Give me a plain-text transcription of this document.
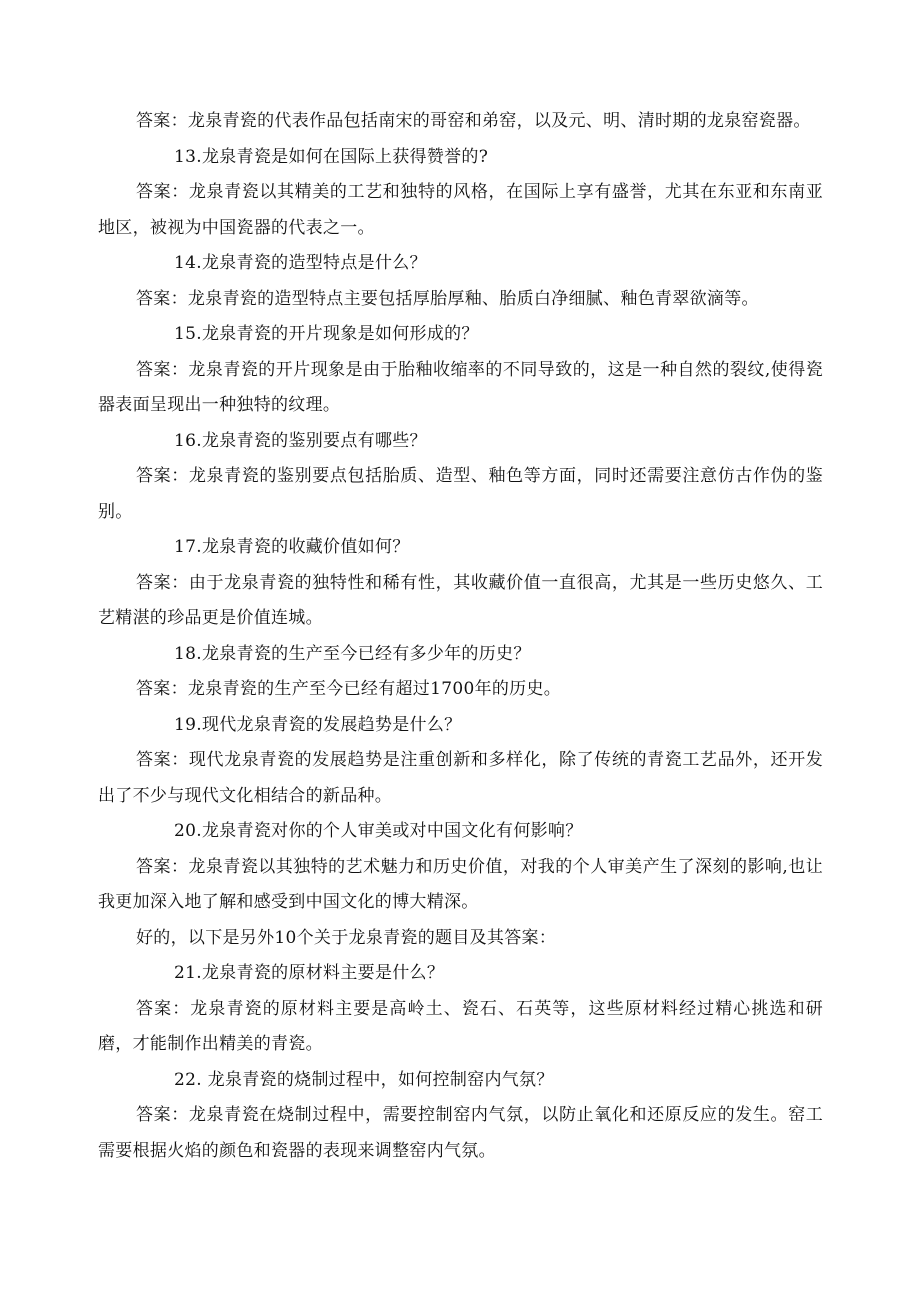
答案：龙泉青瓷的代表作品包括南宋的哥窑和弟窑，以及元、明、清时期的龙泉窑瓷器。

13.龙泉青瓷是如何在国际上获得赞誉的?

答案：龙泉青瓷以其精美的工艺和独特的风格，在国际上享有盛誉，尤其在东亚和东南亚地区，被视为中国瓷器的代表之一。

14.龙泉青瓷的造型特点是什么？

答案：龙泉青瓷的造型特点主要包括厚胎厚釉、胎质白净细腻、釉色青翠欲滴等。

15.龙泉青瓷的开片现象是如何形成的？

答案：龙泉青瓷的开片现象是由于胎釉收缩率的不同导致的，这是一种自然的裂纹,使得瓷器表面呈现出一种独特的纹理。

16.龙泉青瓷的鉴别要点有哪些？

答案：龙泉青瓷的鉴别要点包括胎质、造型、釉色等方面，同时还需要注意仿古作伪的鉴别。

17.龙泉青瓷的收藏价值如何？

答案：由于龙泉青瓷的独特性和稀有性，其收藏价值一直很高，尤其是一些历史悠久、工艺精湛的珍品更是价值连城。

18.龙泉青瓷的生产至今已经有多少年的历史？

答案：龙泉青瓷的生产至今已经有超过1700年的历史。

19.现代龙泉青瓷的发展趋势是什么？

答案：现代龙泉青瓷的发展趋势是注重创新和多样化，除了传统的青瓷工艺品外，还开发出了不少与现代文化相结合的新品种。

20.龙泉青瓷对你的个人审美或对中国文化有何影响？

答案：龙泉青瓷以其独特的艺术魅力和历史价值，对我的个人审美产生了深刻的影响,也让我更加深入地了解和感受到中国文化的博大精深。

好的，以下是另外10个关于龙泉青瓷的题目及其答案：

21.龙泉青瓷的原材料主要是什么？

答案：龙泉青瓷的原材料主要是高岭土、瓷石、石英等，这些原材料经过精心挑选和研磨，才能制作出精美的青瓷。

22. 龙泉青瓷的烧制过程中，如何控制窑内气氛？

答案：龙泉青瓷在烧制过程中，需要控制窑内气氛，以防止氧化和还原反应的发生。窑工需要根据火焰的颜色和瓷器的表现来调整窑内气氛。
